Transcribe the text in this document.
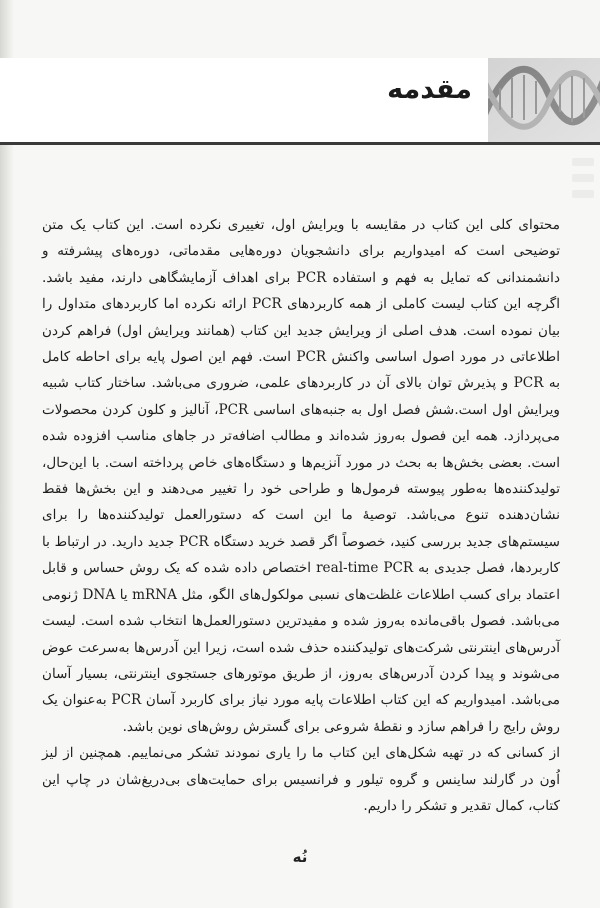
مقدمه

محتوای کلی این کتاب در مقایسه با ویرایش اول، تغییری نکرده است. این کتاب یک متن توضیحی است که امیدواریم برای دانشجویان دوره‌هایی مقدماتی، دوره‌های پیشرفته و دانشمندانی که تمایل به فهم و استفاده PCR برای اهداف آزمایشگاهی دارند، مفید باشد. اگرچه این کتاب لیست کاملی از همه کاربردهای PCR ارائه نکرده اما کاربردهای متداول را بیان نموده است. هدف اصلی از ویرایش جدید این کتاب (همانند ویرایش اول) فراهم کردن اطلاعاتی در مورد اصول اساسی واکنش PCR است. فهم این اصول پایه برای احاطه کامل به PCR و پذیرش توان بالای آن در کاربردهای علمی، ضروری می‌باشد. ساختار کتاب شبیه ویرایش اول است.شش فصل اول به جنبه‌های اساسی PCR، آنالیز و کلون کردن محصولات می‌پردازد. همه این فصول به‌روز شده‌اند و مطالب اضافه‌تر در جاهای مناسب افزوده شده است. بعضی بخش‌ها به بحث در مورد آنزیم‌ها و دستگاه‌های خاص پرداخته است. با این‌حال، تولیدکننده‌ها به‌طور پیوسته فرمول‌ها و طراحی خود را تغییر می‌دهند و این بخش‌ها فقط نشان‌دهنده تنوع می‌باشد. توصیهٔ ما این است که دستورالعمل تولیدکننده‌ها را برای سیستم‌های جدید بررسی کنید، خصوصاً اگر قصد خرید دستگاه PCR جدید دارید. در ارتباط با کاربردها، فصل جدیدی به real-time PCR اختصاص داده شده که یک روش حساس و قابل اعتماد برای کسب اطلاعات غلظت‌های نسبی مولکول‌های الگو، مثل mRNA یا DNA ژنومی می‌باشد. فصول باقی‌مانده به‌روز شده و مفیدترین دستورالعمل‌ها انتخاب شده است. لیست آدرس‌های اینترنتی شرکت‌های تولیدکننده حذف شده است، زیرا این آدرس‌ها به‌سرعت عوض می‌شوند و پیدا کردن آدرس‌های به‌روز، از طریق موتورهای جستجوی اینترنتی، بسیار آسان می‌باشد. امیدواریم که این کتاب اطلاعات پایه مورد نیاز برای کاربرد آسان PCR به‌عنوان یک روش رایج را فراهم سازد و نقطهٔ شروعی برای گسترش روش‌های نوین باشد.

از کسانی که در تهیه شکل‌های این کتاب ما را یاری نمودند تشکر می‌نماییم. همچنین از لیز اُون در گارلند ساینس و گروه تیلور و فرانسیس برای حمایت‌های بی‌دریغ‌شان در چاپ این کتاب، کمال تقدیر و تشکر را داریم.

نُه
